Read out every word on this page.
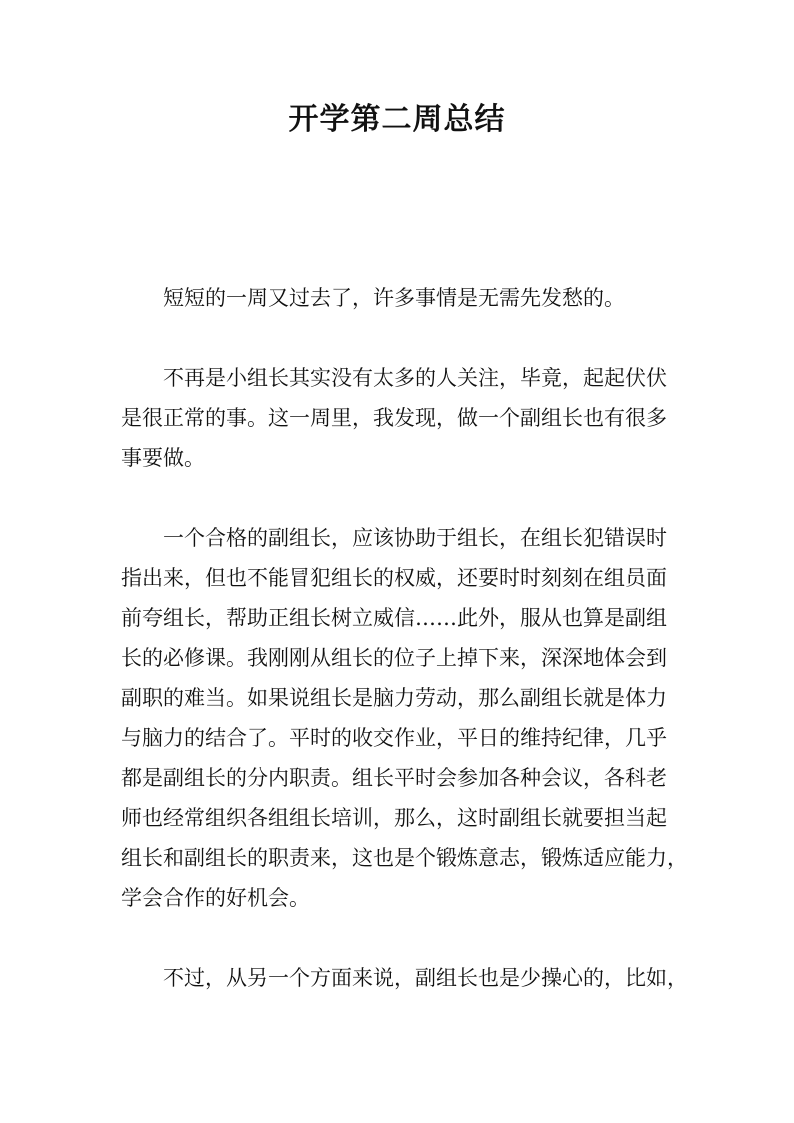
开学第二周总结
短短的一周又过去了，许多事情是无需先发愁的。
不再是小组长其实没有太多的人关注，毕竟，起起伏伏
是很正常的事。这一周里，我发现，做一个副组长也有很多
事要做。
一个合格的副组长，应该协助于组长，在组长犯错误时
指出来，但也不能冒犯组长的权威，还要时时刻刻在组员面
前夸组长，帮助正组长树立威信……此外，服从也算是副组
长的必修课。我刚刚从组长的位子上掉下来，深深地体会到
副职的难当。如果说组长是脑力劳动，那么副组长就是体力
与脑力的结合了。平时的收交作业，平日的维持纪律，几乎
都是副组长的分内职责。组长平时会参加各种会议，各科老
师也经常组织各组组长培训，那么，这时副组长就要担当起
组长和副组长的职责来，这也是个锻炼意志，锻炼适应能力，
学会合作的好机会。
不过，从另一个方面来说，副组长也是少操心的，比如，
